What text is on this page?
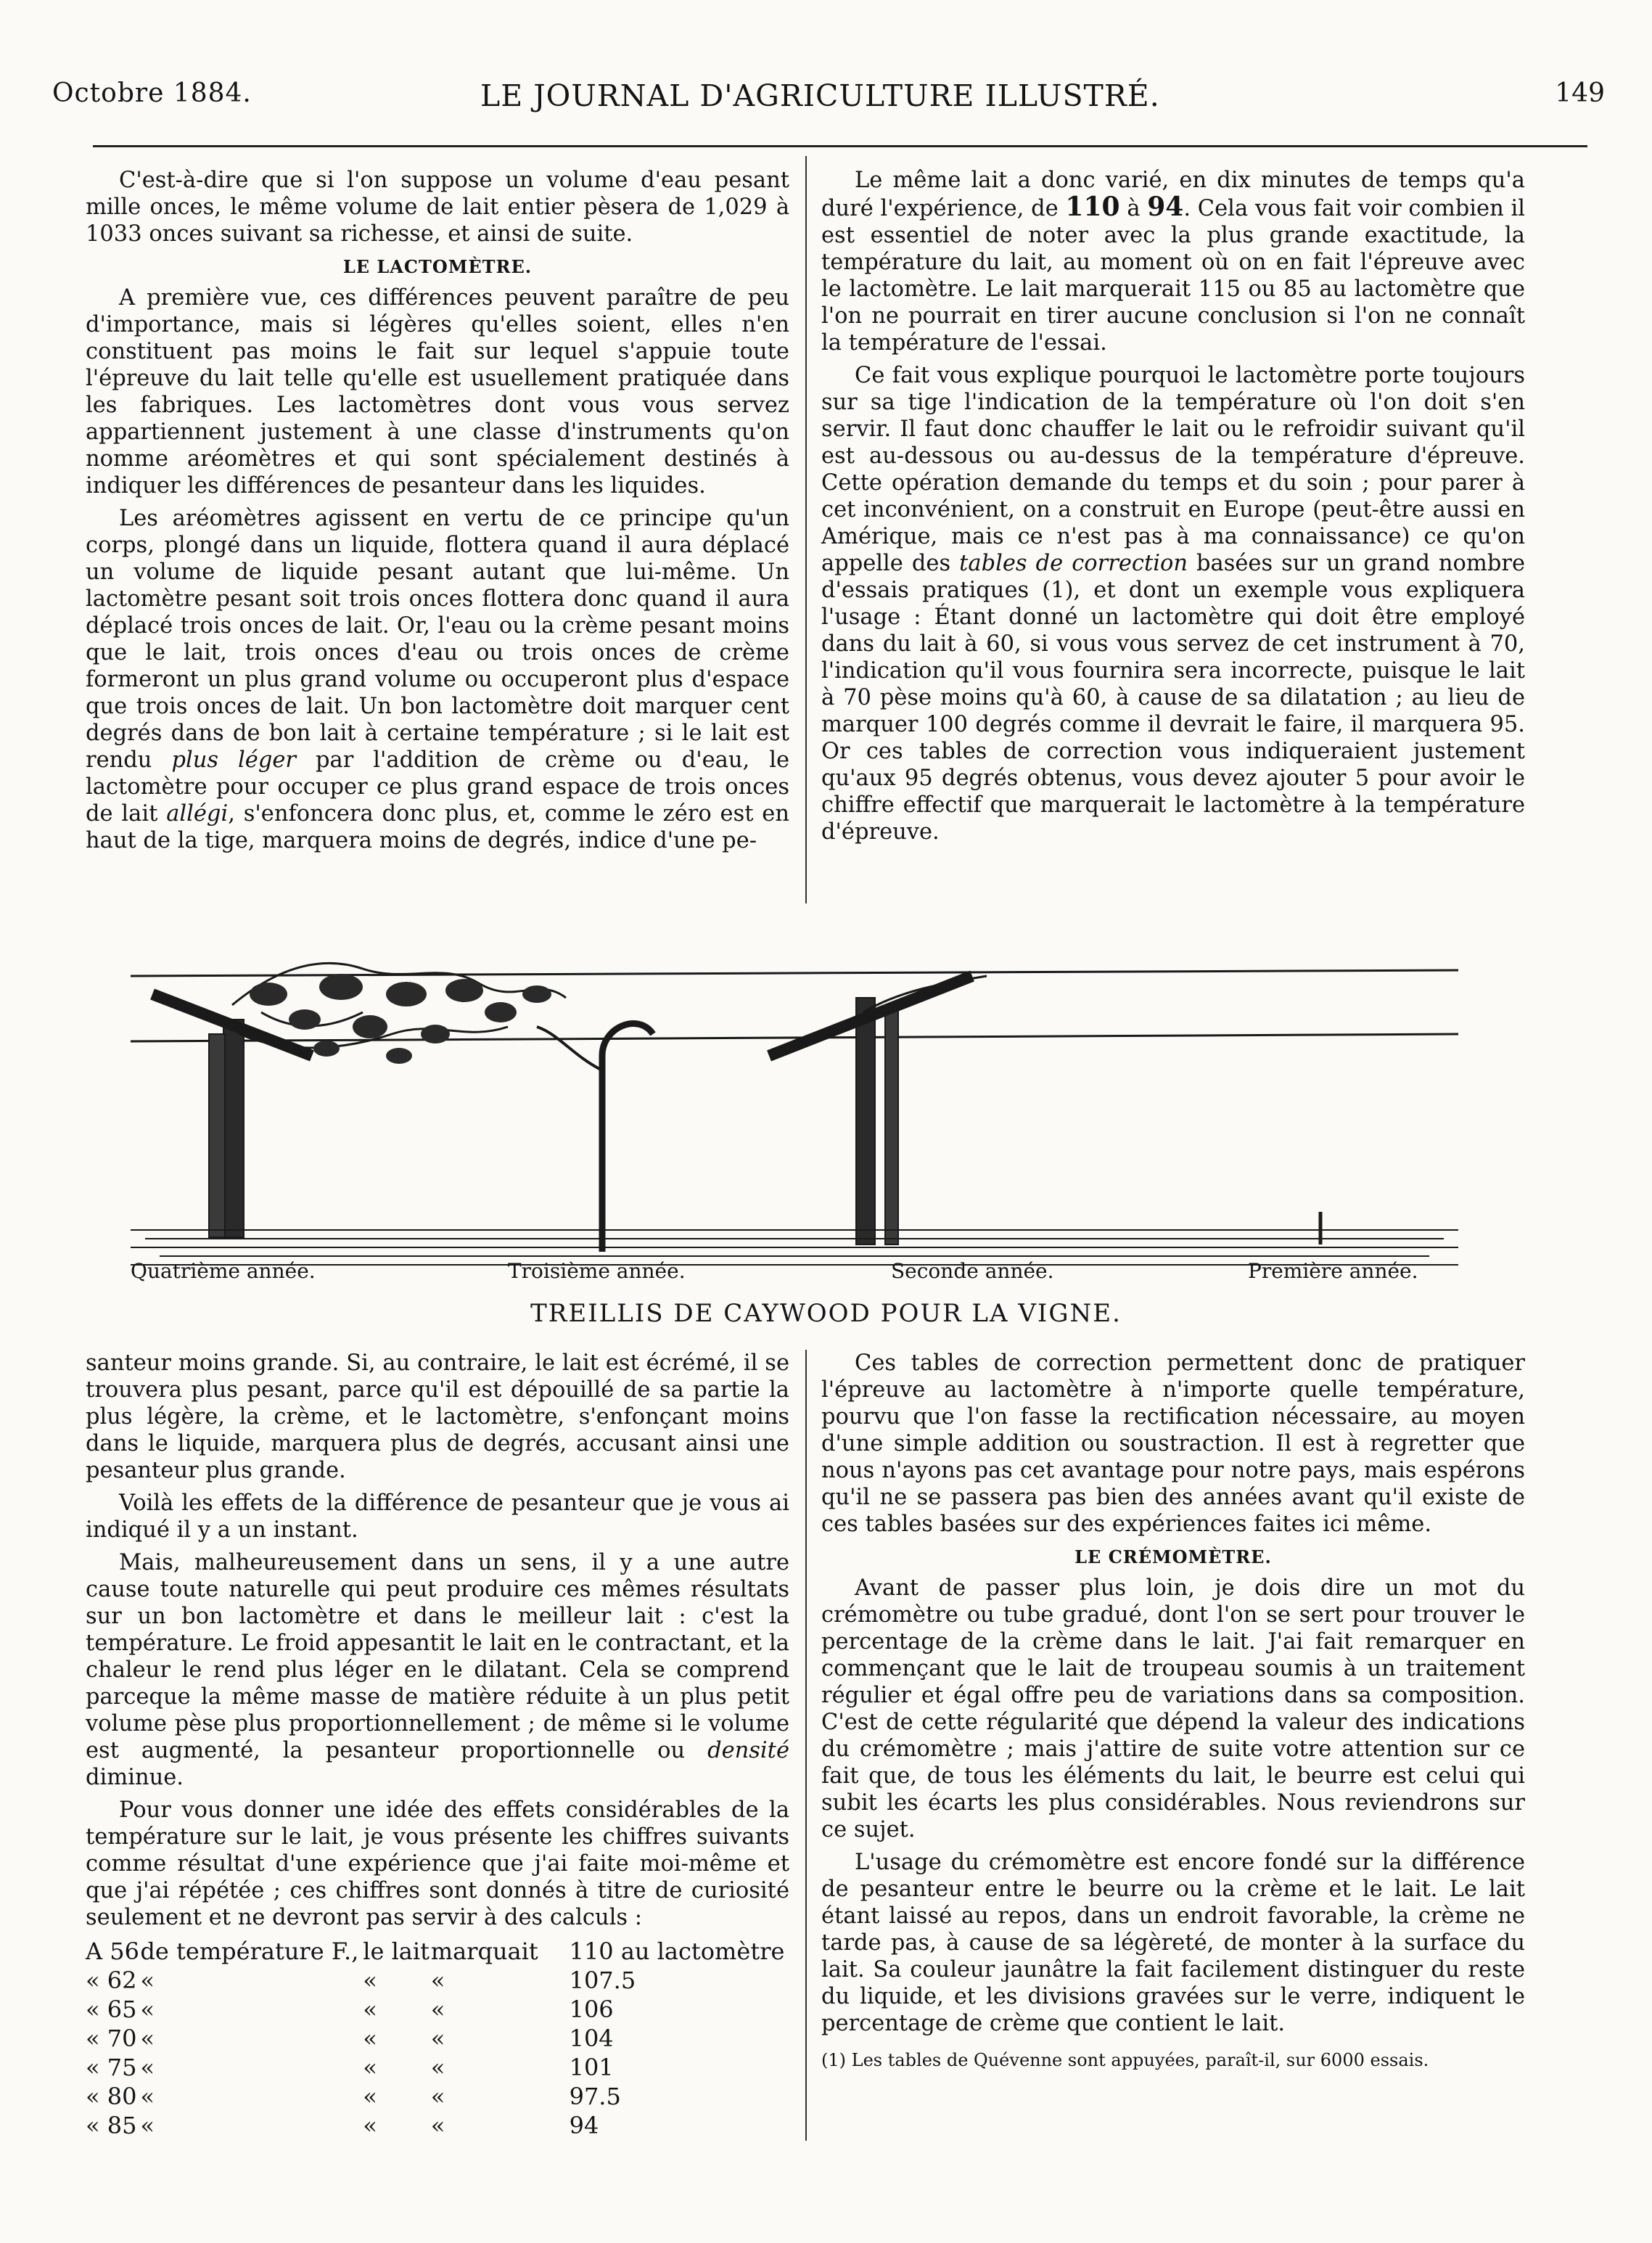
Octobre 1884.	LE JOURNAL D'AGRICULTURE ILLUSTRÉ.	149

C'est-à-dire que si l'on suppose un volume d'eau pesant mille onces, le même volume de lait entier pèsera de 1,029 à 1033 onces suivant sa richesse, et ainsi de suite.

LE LACTOMÈTRE.

A première vue, ces différences peuvent paraître de peu d'importance, mais si légères qu'elles soient, elles n'en constituent pas moins le fait sur lequel s'appuie toute l'épreuve du lait telle qu'elle est usuellement pratiquée dans les fabriques. Les lactomètres dont vous vous servez appartiennent justement à une classe d'instruments qu'on nomme aréomètres et qui sont spécialement destinés à indiquer les différences de pesanteur dans les liquides.

Les aréomètres agissent en vertu de ce principe qu'un corps, plongé dans un liquide, flottera quand il aura déplacé un volume de liquide pesant autant que lui-même. Un lactomètre pesant soit trois onces flottera donc quand il aura déplacé trois onces de lait. Or, l'eau ou la crème pesant moins que le lait, trois onces d'eau ou trois onces de crème formeront un plus grand volume ou occuperont plus d'espace que trois onces de lait. Un bon lactomètre doit marquer cent degrés dans de bon lait à certaine température ; si le lait est rendu plus léger par l'addition de crème ou d'eau, le lactomètre pour occuper ce plus grand espace de trois onces de lait allégi, s'enfoncera donc plus, et, comme le zéro est en haut de la tige, marquera moins de degrés, indice d'une pe-

Le même lait a donc varié, en dix minutes de temps qu'a duré l'expérience, de 110 à 94. Cela vous fait voir combien il est essentiel de noter avec la plus grande exactitude, la température du lait, au moment où on en fait l'épreuve avec le lactomètre. Le lait marquerait 115 ou 85 au lactomètre que l'on ne pourrait en tirer aucune conclusion si l'on ne connaît la température de l'essai.

Ce fait vous explique pourquoi le lactomètre porte toujours sur sa tige l'indication de la température où l'on doit s'en servir. Il faut donc chauffer le lait ou le refroidir suivant qu'il est au-dessous ou au-dessus de la température d'épreuve. Cette opération demande du temps et du soin ; pour parer à cet inconvénient, on a construit en Europe (peut-être aussi en Amérique, mais ce n'est pas à ma connaissance) ce qu'on appelle des tables de correction basées sur un grand nombre d'essais pratiques (1), et dont un exemple vous expliquera l'usage : Étant donné un lactomètre qui doit être employé dans du lait à 60, si vous vous servez de cet instrument à 70, l'indication qu'il vous fournira sera incorrecte, puisque le lait à 70 pèse moins qu'à 60, à cause de sa dilatation ; au lieu de marquer 100 degrés comme il devrait le faire, il marquera 95. Or ces tables de correction vous indiqueraient justement qu'aux 95 degrés obtenus, vous devez ajouter 5 pour avoir le chiffre effectif que marquerait le lactomètre à la température d'épreuve.

Quatrième année.	Troisième année.	Seconde année.	Première année.
TREILLIS DE CAYWOOD POUR LA VIGNE.

santeur moins grande. Si, au contraire, le lait est écrémé, il se trouvera plus pesant, parce qu'il est dépouillé de sa partie la plus légère, la crème, et le lactomètre, s'enfonçant moins dans le liquide, marquera plus de degrés, accusant ainsi une pesanteur plus grande.

Voilà les effets de la différence de pesanteur que je vous ai indiqué il y a un instant.

Mais, malheureusement dans un sens, il y a une autre cause toute naturelle qui peut produire ces mêmes résultats sur un bon lactomètre et dans le meilleur lait : c'est la température. Le froid appesantit le lait en le contractant, et la chaleur le rend plus léger en le dilatant. Cela se comprend parceque la même masse de matière réduite à un plus petit volume pèse plus proportionnellement ; de même si le volume est augmenté, la pesanteur proportionnelle ou densité diminue.

Pour vous donner une idée des effets considérables de la température sur le lait, je vous présente les chiffres suivants comme résultat d'une expérience que j'ai faite moi-même et que j'ai répétée ; ces chiffres sont donnés à titre de curiosité seulement et ne devront pas servir à des calculs :

A 56	de température F.,	le lait	marquait	110 au lactomètre
« 62	«	«	«	107.5
« 65	«	«	«	106
« 70	«	«	«	104
« 75	«	«	«	101
« 80	«	«	«	97.5
« 85	«	«	«	94

Ces tables de correction permettent donc de pratiquer l'épreuve au lactomètre à n'importe quelle température, pourvu que l'on fasse la rectification nécessaire, au moyen d'une simple addition ou soustraction. Il est à regretter que nous n'ayons pas cet avantage pour notre pays, mais espérons qu'il ne se passera pas bien des années avant qu'il existe de ces tables basées sur des expériences faites ici même.

LE CRÉMOMÈTRE.

Avant de passer plus loin, je dois dire un mot du crémomètre ou tube gradué, dont l'on se sert pour trouver le percentage de la crème dans le lait. J'ai fait remarquer en commençant que le lait de troupeau soumis à un traitement régulier et égal offre peu de variations dans sa composition. C'est de cette régularité que dépend la valeur des indications du crémomètre ; mais j'attire de suite votre attention sur ce fait que, de tous les éléments du lait, le beurre est celui qui subit les écarts les plus considérables. Nous reviendrons sur ce sujet.

L'usage du crémomètre est encore fondé sur la différence de pesanteur entre le beurre ou la crème et le lait. Le lait étant laissé au repos, dans un endroit favorable, la crème ne tarde pas, à cause de sa légèreté, de monter à la surface du lait. Sa couleur jaunâtre la fait facilement distinguer du reste du liquide, et les divisions gravées sur le verre, indiquent le percentage de crème que contient le lait.

(1) Les tables de Quévenne sont appuyées, paraît-il, sur 6000 essais.
